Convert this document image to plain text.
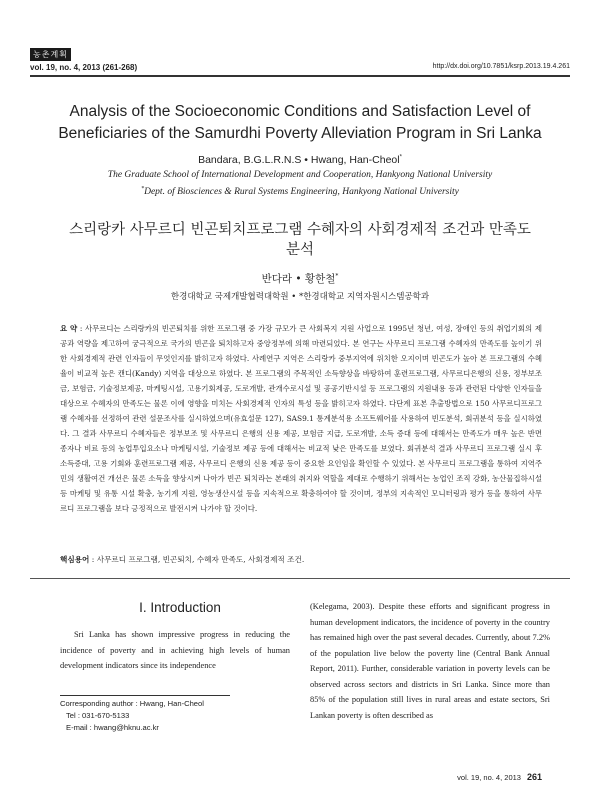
농촌계획
vol. 19, no. 4, 2013 (261-268)	http://dx.doi.org/10.7851/ksrp.2013.19.4.261
Analysis of the Socioeconomic Conditions and Satisfaction Level of Beneficiaries of the Samurdhi Poverty Alleviation Program in Sri Lanka
Bandara, B.G.L.R.N.S • Hwang, Han-Cheol*
The Graduate School of International Development and Cooperation, Hankyong National University
*Dept. of Biosciences & Rural Systems Engineering, Hankyong National University
스리랑카 사무르디 빈곤퇴치프로그램 수혜자의 사회경제적 조건과 만족도 분석
반다라 • 황한철*
한경대학교 국제개발협력대학원 • *한경대학교 지역자원시스템공학과
요 약 : 사무르디는 스리랑카의 빈곤퇴치를 위한 프로그램 중 가장 규모가 큰 사회복지 지원 사업으로 1995년 청년, 여성, 장애인 등의 취업기회의 제공과 역량을 제고하여 궁극적으로 국가의 빈곤을 퇴치하고자 중앙정부에 의해 마련되었다. 본 연구는 사무르디 프로그램 수혜자의 만족도를 높이기 위한 사회경제적 관련 인자들이 무엇인지를 밝히고자 하였다. 사례연구 지역은 스리랑카 중부지역에 위치한 오지이며 빈곤도가 높아 본 프로그램의 수혜율이 비교적 높은 캔디(Kandy) 지역을 대상으로 하였다. 본 프로그램의 주목적인 소득향상을 바탕하여 훈련프로그램, 사무르디은행의 신용, 정부보조금, 보험금, 기술정보제공, 마케팅시설, 고용기회제공, 도로개발, 관개수로시설 및 공공기반시설 등 프로그램의 지원내용 등과 관련된 다양한 인자들을 대상으로 수혜자의 만족도는 물론 이에 영향을 미치는 사회경제적 인자의 특성 등을 밝히고자 하였다. 다단계 표본 추출방법으로 150 사무르디프로그램 수혜자를 선정하여 관련 설문조사를 실시하였으며(유효설문 127), SAS9.1 통계분석용 소프트웨어를 사용하여 빈도분석, 회귀분석 등을 실시하였다. 그 결과 사무르디 수혜자들은 정부보조 및 사무르디 은행의 신용 제공, 보험금 지급, 도로개발, 소득 증대 등에 대해서는 만족도가 매우 높은 반면 종자나 비료 등의 농업투입요소나 마케팅시설, 기술정보 제공 등에 대해서는 비교적 낮은 만족도를 보였다. 회귀분석 결과 사무르디 프로그램 실시 후 소득증대, 고용 기회와 훈련프로그램 제공, 사무르디 은행의 신용 제공 등이 중요한 요인임을 확인할 수 있었다. 본 사무르디 프로그램을 통하여 지역주민의 생활여건 개선은 물론 소득을 향상시켜 나아가 빈곤 퇴치라는 본래의 취지와 역할을 제대로 수행하기 위해서는 농업인 조직 강화, 농산물집하시설 등 마케팅 및 유통 시설 확충, 농기계 지원, 영농생산시설 등을 지속적으로 확충하여야 할 것이며, 정부의 지속적인 모니터링과 평가 등을 통하여 사무르디 프로그램을 보다 긍정적으로 발전시켜 나가야 할 것이다.
핵심용어 : 사무르디 프로그램, 빈곤퇴치, 수혜자 만족도, 사회경제적 조건.
I. Introduction
Sri Lanka has shown impressive progress in reducing the incidence of poverty and in achieving high levels of human development indicators since its independence
(Kelegama, 2003). Despite these efforts and significant progress in human development indicators, the incidence of poverty in the country has remained high over the past several decades. Currently, about 7.2% of the population live below the poverty line (Central Bank Annual Report, 2011). Further, considerable variation in poverty levels can be observed across sectors and districts in Sri Lanka. Since more than 85% of the population still lives in rural areas and estate sectors, Sri Lankan poverty is often described as
Corresponding author : Hwang, Han-Cheol
Tel : 031-670-5133
E-mail : hwang@hknu.ac.kr
vol. 19, no. 4, 2013 261
